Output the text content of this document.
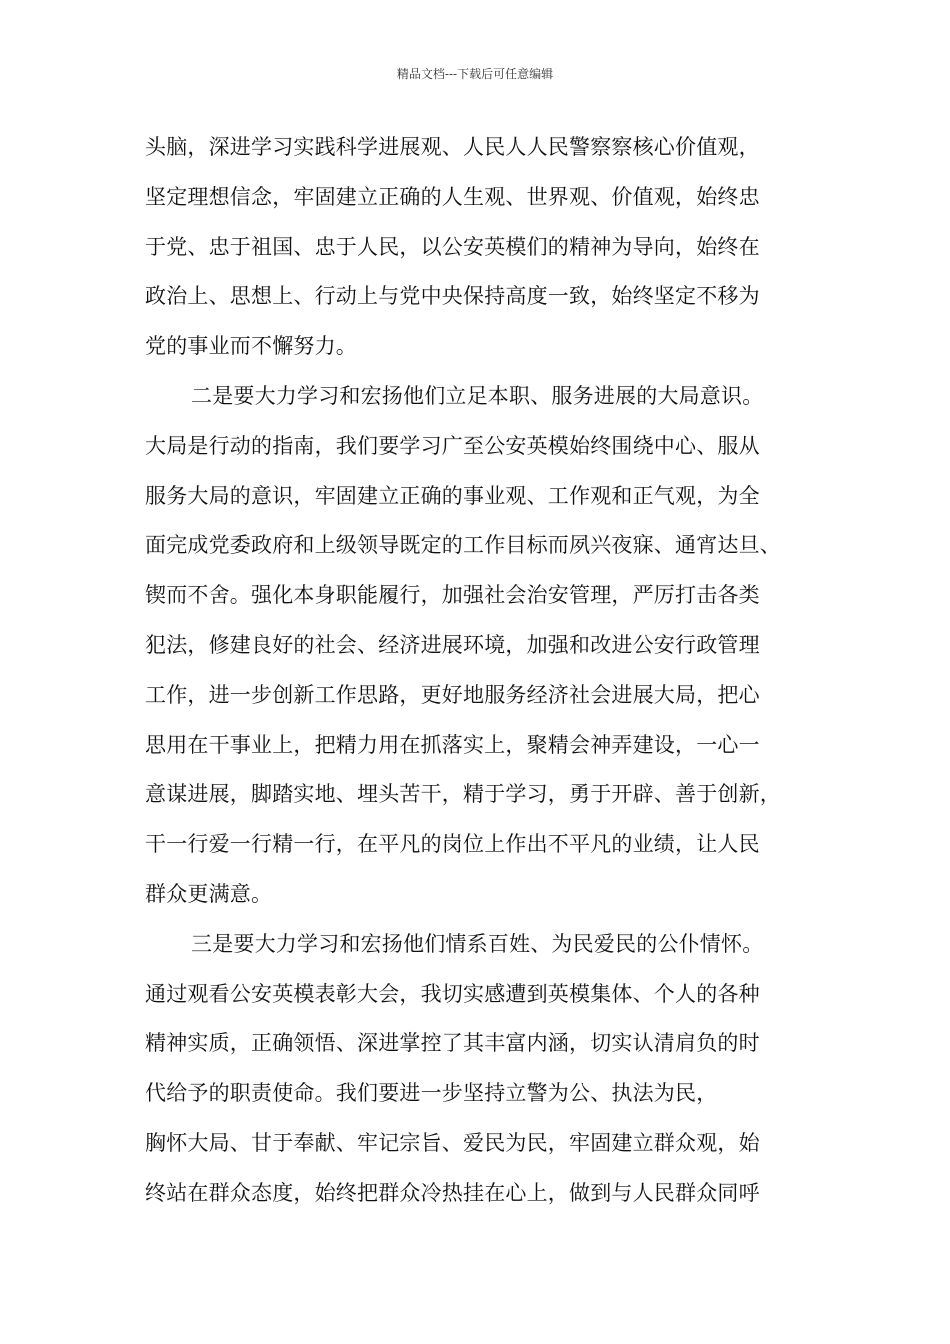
精品文档---下载后可任意编辑
头脑，深进学习实践科学进展观、人民人人民警察察核心价值观，
坚定理想信念，牢固建立正确的人生观、世界观、价值观，始终忠
于党、忠于祖国、忠于人民，以公安英模们的精神为导向，始终在
政治上、思想上、行动上与党中央保持高度一致，始终坚定不移为
党的事业而不懈努力。
二是要大力学习和宏扬他们立足本职、服务进展的大局意识。
大局是行动的指南，我们要学习广至公安英模始终围绕中心、服从
服务大局的意识，牢固建立正确的事业观、工作观和正气观，为全
面完成党委政府和上级领导既定的工作目标而夙兴夜寐、通宵达旦、
锲而不舍。强化本身职能履行，加强社会治安管理，严厉打击各类
犯法，修建良好的社会、经济进展环境，加强和改进公安行政管理
工作，进一步创新工作思路，更好地服务经济社会进展大局，把心
思用在干事业上，把精力用在抓落实上，聚精会神弄建设，一心一
意谋进展，脚踏实地、埋头苦干，精于学习，勇于开辟、善于创新，
干一行爱一行精一行，在平凡的岗位上作出不平凡的业绩，让人民
群众更满意。
三是要大力学习和宏扬他们情系百姓、为民爱民的公仆情怀。
通过观看公安英模表彰大会，我切实感遭到英模集体、个人的各种
精神实质，正确领悟、深进掌控了其丰富内涵，切实认清肩负的时
代给予的职责使命。我们要进一步坚持立警为公、执法为民，
胸怀大局、甘于奉献、牢记宗旨、爱民为民，牢固建立群众观，始
终站在群众态度，始终把群众冷热挂在心上，做到与人民群众同呼
